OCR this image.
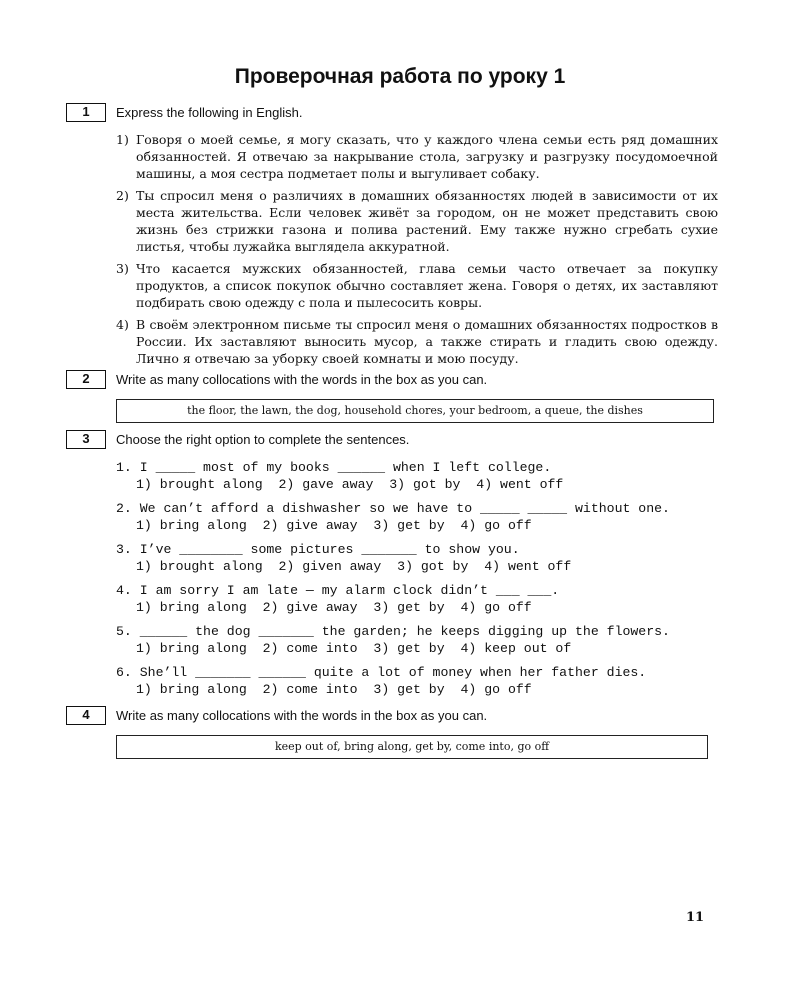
Проверочная работа по уроку 1
1	Express the following in English.
1) Говоря о моей семье, я могу сказать, что у каждого члена семьи есть ряд домашних обязанностей. Я отвечаю за накрывание стола, загрузку и разгрузку посудомоечной машины, а моя сестра подметает полы и выгуливает собаку.
2) Ты спросил меня о различиях в домашних обязанностях людей в зависимости от их места жительства. Если человек живёт за городом, он не может представить свою жизнь без стрижки газона и полива растений. Ему также нужно сгребать сухие листья, чтобы лужайка выглядела аккуратной.
3) Что касается мужских обязанностей, глава семьи часто отвечает за покупку продуктов, а список покупок обычно составляет жена. Говоря о детях, их заставляют подбирать свою одежду с пола и пылесосить ковры.
4) В своём электронном письме ты спросил меня о домашних обязанностях подростков в России. Их заставляют выносить мусор, а также стирать и гладить свою одежду. Лично я отвечаю за уборку своей комнаты и мою посуду.
2	Write as many collocations with the words in the box as you can.
the floor, the lawn, the dog, household chores, your bedroom, a queue, the dishes
3	Choose the right option to complete the sentences.
1. I _____ most of my books ______ when I left college.
1) brought along  2) gave away  3) got by  4) went off
2. We can’t afford a dishwasher so we have to _____ _____ without one.
1) bring along  2) give away  3) get by  4) go off
3. I’ve ________ some pictures _______ to show you.
1) brought along  2) given away  3) got by  4) went off
4. I am sorry I am late — my alarm clock didn’t ___ ___.
1) bring along  2) give away  3) get by  4) go off
5. ______ the dog _______ the garden; he keeps digging up the flowers.
1) bring along  2) come into  3) get by  4) keep out of
6. She’ll _______ ______ quite a lot of money when her father dies.
1) bring along  2) come into  3) get by  4) go off
4	Write as many collocations with the words in the box as you can.
keep out of, bring along, get by, come into, go off
11
